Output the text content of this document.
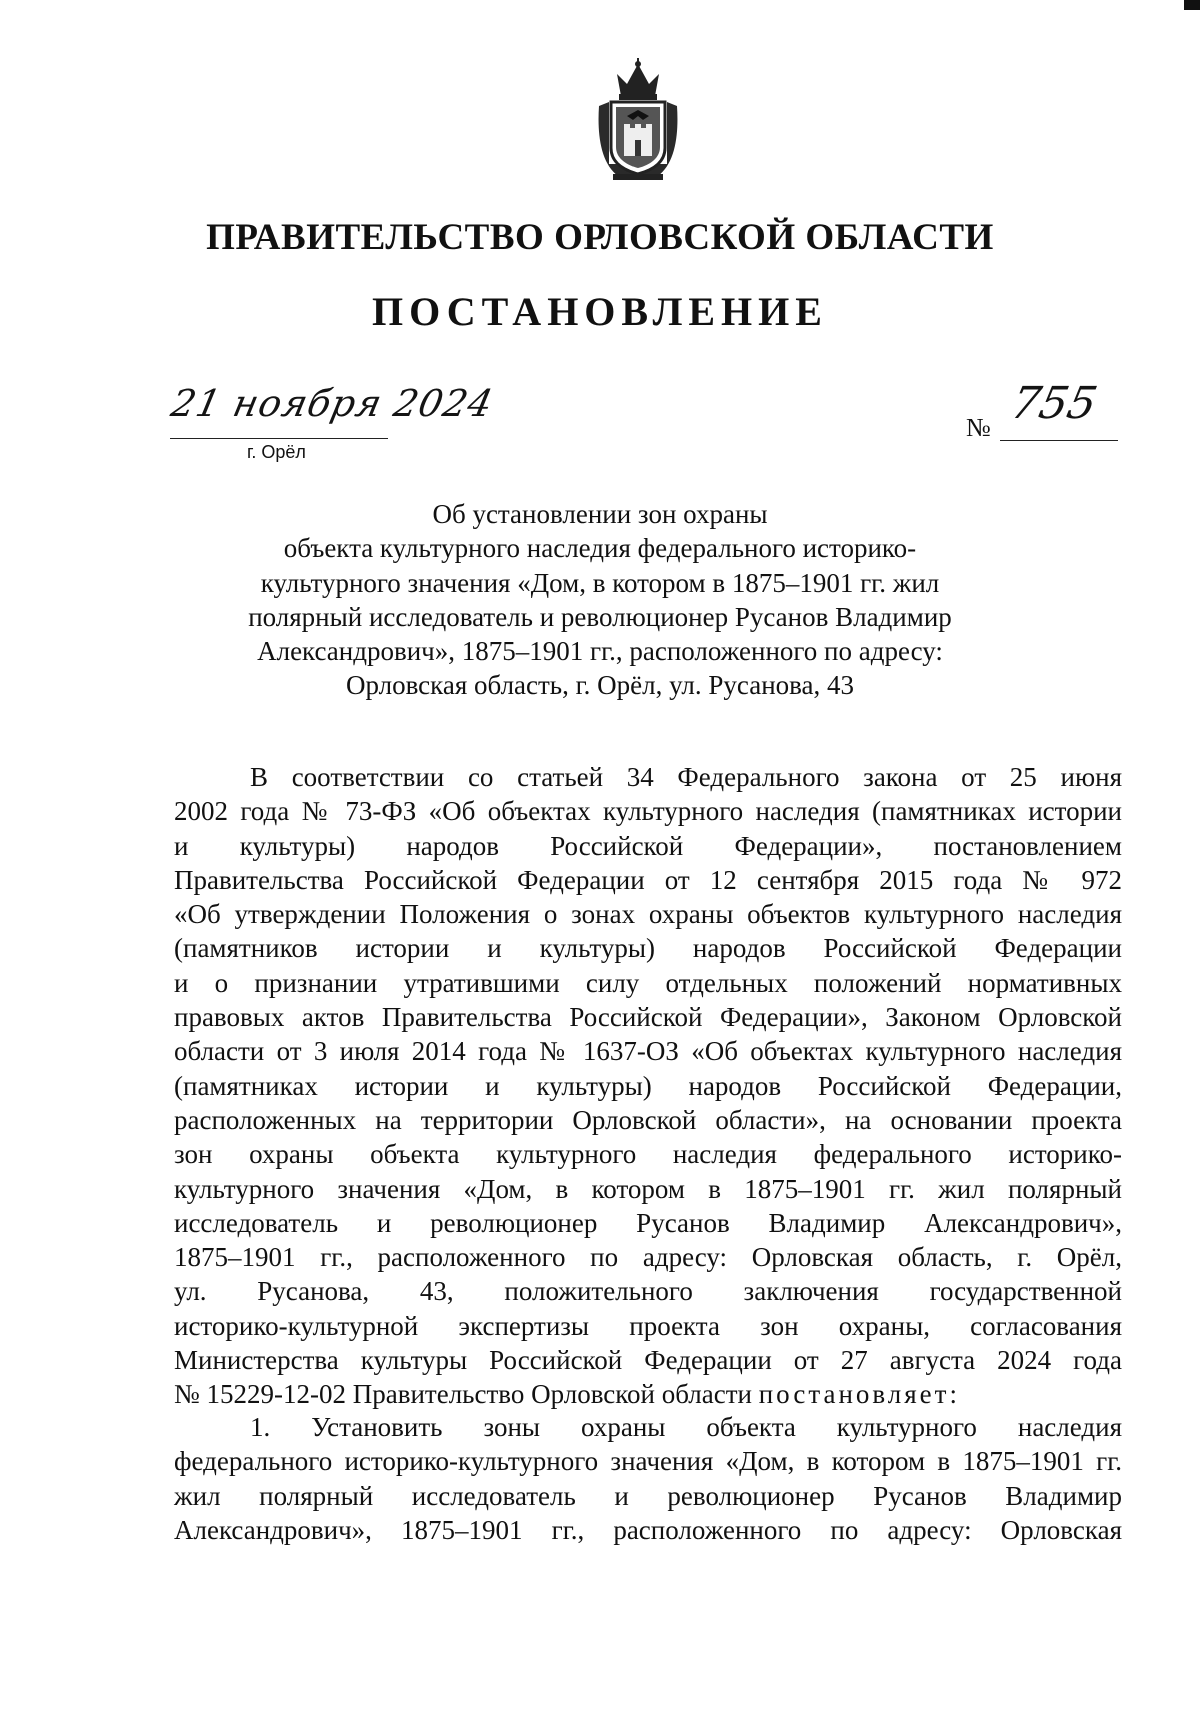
ПРАВИТЕЛЬСТВО ОРЛОВСКОЙ ОБЛАСТИ
ПОСТАНОВЛЕНИЕ
21 ноября 2024
г. Орёл
№ 755
Об установлении зон охраны
объекта культурного наследия федерального историко-
культурного значения «Дом, в котором в 1875–1901 гг. жил
полярный исследователь и революционер Русанов Владимир
Александрович», 1875–1901 гг., расположенного по адресу:
Орловская область, г. Орёл, ул. Русанова, 43
В соответствии со статьей 34 Федерального закона от 25 июня
2002 года № 73-ФЗ «Об объектах культурного наследия (памятниках истории
и культуры) народов Российской Федерации», постановлением
Правительства Российской Федерации от 12 сентября 2015 года № 972
«Об утверждении Положения о зонах охраны объектов культурного наследия
(памятников истории и культуры) народов Российской Федерации
и о признании утратившими силу отдельных положений нормативных
правовых актов Правительства Российской Федерации», Законом Орловской
области от 3 июля 2014 года № 1637-ОЗ «Об объектах культурного наследия
(памятниках истории и культуры) народов Российской Федерации,
расположенных на территории Орловской области», на основании проекта
зон охраны объекта культурного наследия федерального историко-
культурного значения «Дом, в котором в 1875–1901 гг. жил полярный
исследователь и революционер Русанов Владимир Александрович»,
1875–1901 гг., расположенного по адресу: Орловская область, г. Орёл,
ул. Русанова, 43, положительного заключения государственной
историко-культурной экспертизы проекта зон охраны, согласования
Министерства культуры Российской Федерации от 27 августа 2024 года
№ 15229-12-02 Правительство Орловской области постановляет:
1. Установить зоны охраны объекта культурного наследия
федерального историко-культурного значения «Дом, в котором в 1875–1901 гг.
жил полярный исследователь и революционер Русанов Владимир
Александрович», 1875–1901 гг., расположенного по адресу: Орловская
